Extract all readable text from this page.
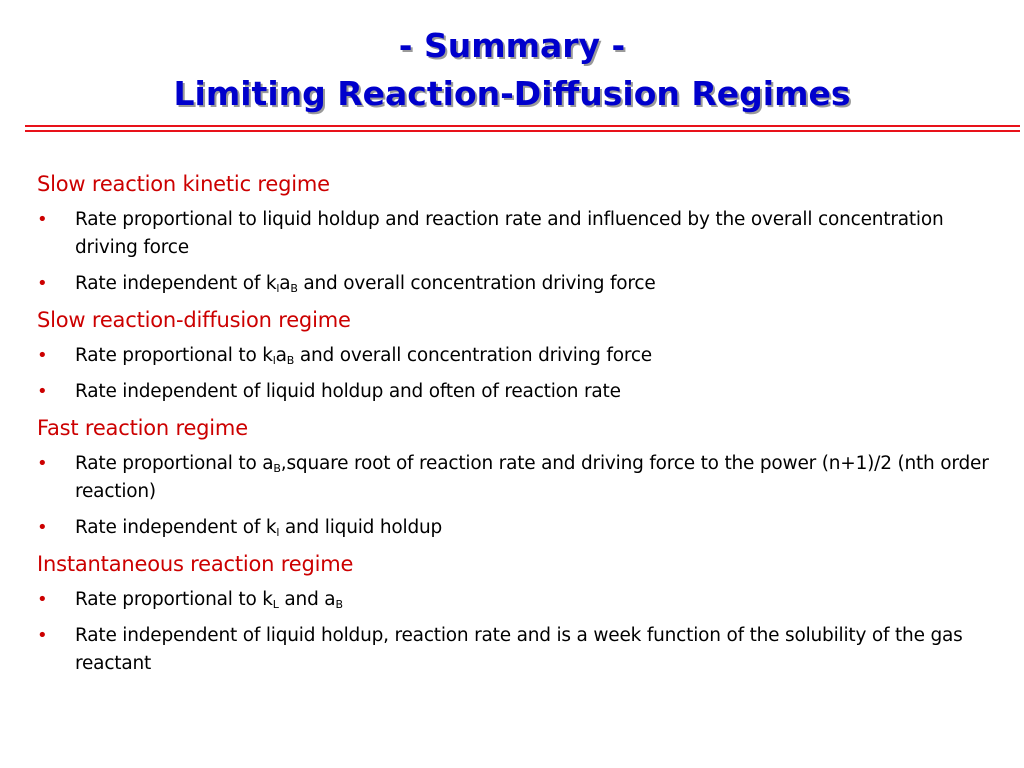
- Summary -
Limiting Reaction-Diffusion Regimes
Slow reaction kinetic regime
• Rate proportional to liquid holdup and reaction rate and influenced by the overall concentration driving force
• Rate independent of $k_la_B$ and overall concentration driving force
Slow reaction-diffusion regime
• Rate proportional to $k_la_B$ and overall concentration driving force
• Rate independent of liquid holdup and often of reaction rate
Fast reaction regime
• Rate proportional to $a_B,square$ root of reaction rate and driving force to the power (n+1)/2 (nth order reaction)
• Rate independent of $k_l$ and liquid holdup
Instantaneous reaction regime
• Rate proportional to $k_L$ and $a_B$
• Rate independent of liquid holdup, reaction rate and is a week function of the solubility of the gas reactant
